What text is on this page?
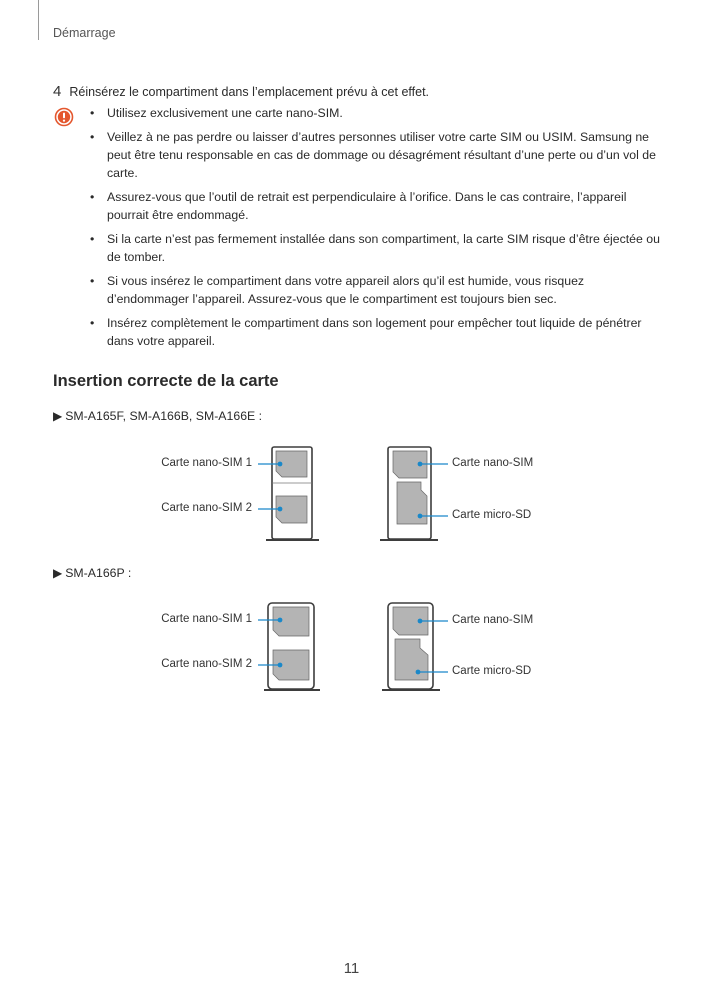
Démarrage
4 Réinsérez le compartiment dans l’emplacement prévu à cet effet.
• Utilisez exclusivement une carte nano-SIM.
• Veillez à ne pas perdre ou laisser d’autres personnes utiliser votre carte SIM ou USIM. Samsung ne peut être tenu responsable en cas de dommage ou désagrément résultant d’une perte ou d’un vol de carte.
• Assurez-vous que l’outil de retrait est perpendiculaire à l’orifice. Dans le cas contraire, l’appareil pourrait être endommagé.
• Si la carte n’est pas fermement installée dans son compartiment, la carte SIM risque d’être éjectée ou de tomber.
• Si vous insérez le compartiment dans votre appareil alors qu’il est humide, vous risquez d’endommager l’appareil. Assurez-vous que le compartiment est toujours bien sec.
• Insérez complètement le compartiment dans son logement pour empêcher tout liquide de pénétrer dans votre appareil.
Insertion correcte de la carte
▶ SM-A165F, SM-A166B, SM-A166E :
Carte nano-SIM 1
Carte nano-SIM 2
Carte nano-SIM
Carte micro-SD
▶ SM-A166P :
Carte nano-SIM 1
Carte nano-SIM 2
Carte nano-SIM
Carte micro-SD
11
